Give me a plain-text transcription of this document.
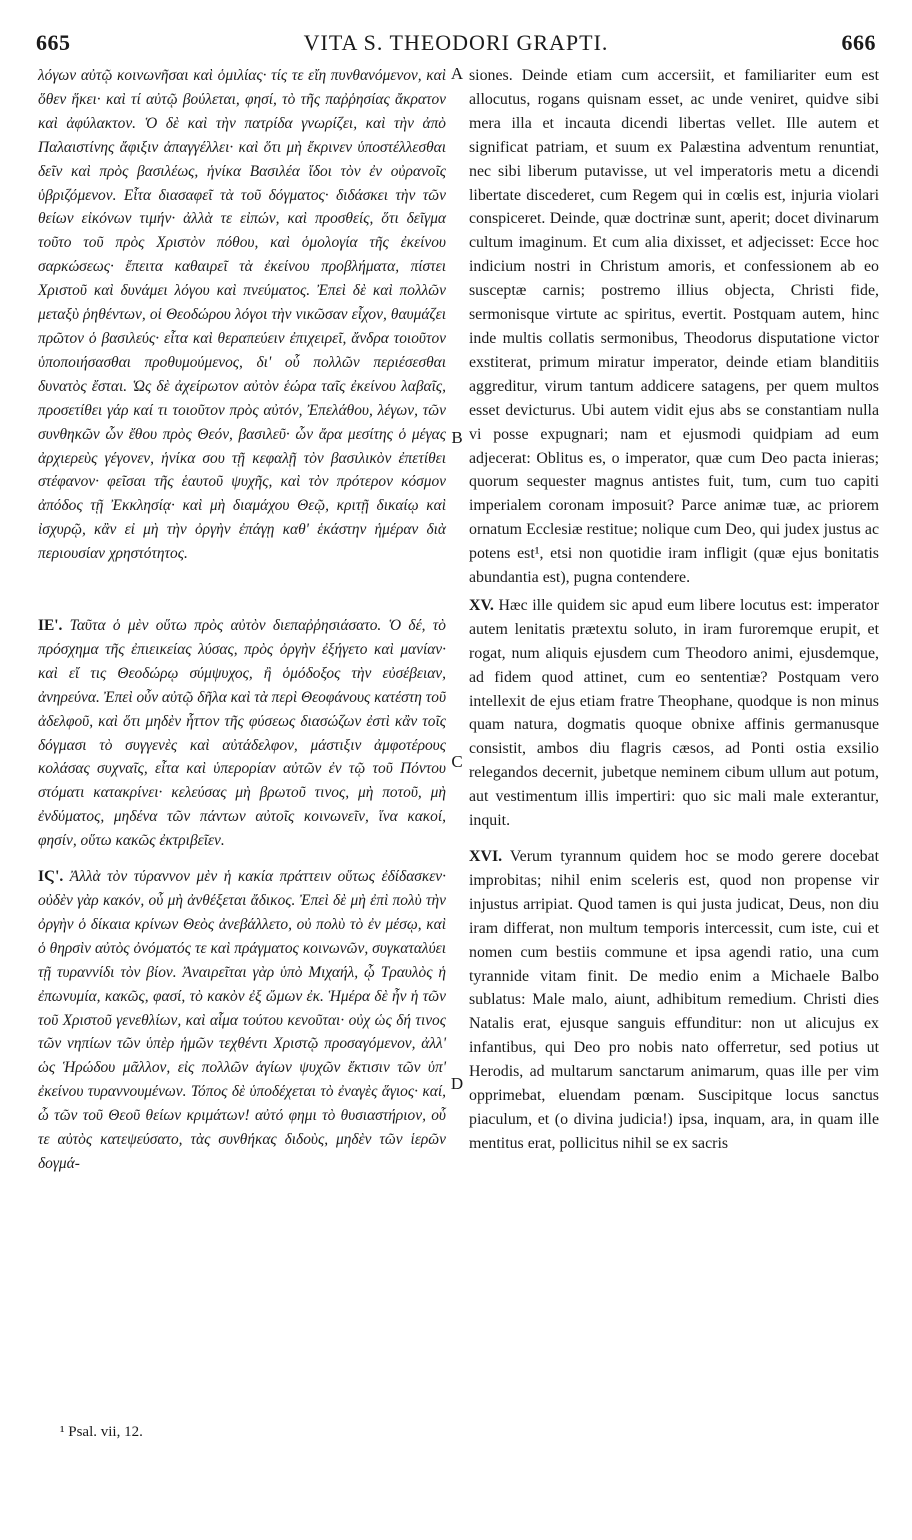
665	VITA S. THEODORI GRAPTI.	666

λόγων αὐτῷ κοινωνῆσαι καὶ ὁμιλίας· τίς τε εἴη πυνθανόμενον, καὶ ὅθεν ἥκει· καὶ τί αὐτῷ βούλεται, φησί, τὸ τῆς παῤῥησίας ἄκρατον καὶ ἀφύλακτον. Ὁ δὲ καὶ τὴν πατρίδα γνωρίζει, καὶ τὴν ἀπὸ Παλαιστίνης ἄφιξιν ἀπαγγέλλει· καὶ ὅτι μὴ ἔκρινεν ὑποστέλλεσθαι δεῖν καὶ πρὸς βασιλέως, ἡνίκα Βασιλέα ἴδοι τὸν ἐν οὐρανοῖς ὑβριζόμενον. Εἶτα διασαφεῖ τὰ τοῦ δόγματος· διδάσκει τὴν τῶν θείων εἰκόνων τιμήν· ἀλλὰ τε εἰπών, καὶ προσθείς, ὅτι δεῖγμα τοῦτο τοῦ πρὸς Χριστὸν πόθου, καὶ ὁμολογία τῆς ἐκείνου σαρκώσεως· ἔπειτα καθαιρεῖ τὰ ἐκείνου προβλήματα, πίστει Χριστοῦ καὶ δυνάμει λόγου καὶ πνεύματος. Ἐπεὶ δὲ καὶ πολλῶν μεταξὺ ῥηθέντων, οἱ Θεοδώρου λόγοι τὴν νικῶσαν εἶχον, θαυμάζει πρῶτον ὁ βασιλεύς· εἶτα καὶ θεραπεύειν ἐπιχειρεῖ, ἄνδρα τοιοῦτον ὑποποιήσασθαι προθυμούμενος, δι' οὗ πολλῶν περιέσεσθαι δυνατὸς ἔσται. Ὡς δὲ ἀχείρωτον αὐτὸν ἑώρα ταῖς ἐκείνου λαβαῖς, προσετίθει γάρ καί τι τοιοῦτον πρὸς αὐτόν, Ἐπελάθου, λέγων, τῶν συνθηκῶν ὧν ἔθου πρὸς Θεόν, βασιλεῦ· ὧν ἄρα μεσίτης ὁ μέγας ἀρχιερεὺς γέγονεν, ἡνίκα σου τῇ κεφαλῇ τὸν βασιλικὸν ἐπετίθει στέφανον· φεῖσαι τῆς ἑαυτοῦ ψυχῆς, καὶ τὸν πρότερον κόσμον ἀπόδος τῇ Ἐκκλησίᾳ· καὶ μὴ διαμάχου Θεῷ, κριτῇ δικαίῳ καὶ ἰσχυρῷ, κἂν εἰ μὴ τὴν ὀργὴν ἐπάγῃ καθ' ἑκάστην ἡμέραν διὰ περιουσίαν χρηστότητος.

ΙΕ'. Ταῦτα ὁ μὲν οὕτω πρὸς αὐτὸν διεπαῤῥησιάσατο. Ὁ δέ, τὸ πρόσχημα τῆς ἐπιεικείας λύσας, πρὸς ὀργὴν ἐξήγετο καὶ μανίαν· καὶ εἴ τις Θεοδώρῳ σύμψυχος, ἢ ὁμόδοξος τὴν εὐσέβειαν, ἀνηρεύνα. Ἐπεὶ οὖν αὐτῷ δῆλα καὶ τὰ περὶ Θεοφάνους κατέστη τοῦ ἀδελφοῦ, καὶ ὅτι μηδὲν ἧττον τῆς φύσεως διασώζων ἐστὶ κἂν τοῖς δόγμασι τὸ συγγενὲς καὶ αὐτάδελφον, μάστιξιν ἀμφοτέρους κολάσας συχναῖς, εἶτα καὶ ὑπερορίαν αὐτῶν ἐν τῷ τοῦ Πόντου στόματι κατακρίνει· κελεύσας μὴ βρωτοῦ τινος, μὴ ποτοῦ, μὴ ἐνδύματος, μηδένα τῶν πάντων αὐτοῖς κοινωνεῖν, ἵνα κακοί, φησίν, οὕτω κακῶς ἐκτριβεῖεν.

ΙϚ'. Ἀλλὰ τὸν τύραννον μὲν ἡ κακία πράττειν οὕτως ἐδίδασκεν· οὐδὲν γὰρ κακόν, οὗ μὴ ἀνθέξεται ἄδικος. Ἐπεὶ δὲ μὴ ἐπὶ πολὺ τὴν ὀργὴν ὁ δίκαια κρίνων Θεὸς ἀνεβάλλετο, οὐ πολὺ τὸ ἐν μέσῳ, καὶ ὁ θηρσὶν αὐτὸς ὀνόματός τε καὶ πράγματος κοινωνῶν, συγκαταλύει τῇ τυραννίδι τὸν βίον. Ἀναιρεῖται γὰρ ὑπὸ Μιχαήλ, ᾧ Τραυλὸς ἡ ἐπωνυμία, κακῶς, φασί, τὸ κακὸν ἐξ ὤμων ἐκ. Ἡμέρα δὲ ἦν ἡ τῶν τοῦ Χριστοῦ γενεθλίων, καὶ αἷμα τούτου κενοῦται· οὐχ ὡς δή τινος τῶν νηπίων τῶν ὑπὲρ ἡμῶν τεχθέντι Χριστῷ προσαγόμενον, ἀλλ' ὡς Ἡρώδου μᾶλλον, εἰς πολλῶν ἁγίων ψυχῶν ἔκτισιν τῶν ὑπ' ἐκείνου τυραννουμένων. Τόπος δὲ ὑποδέχεται τὸ ἐναγὲς ἅγιος· καί, ὦ τῶν τοῦ Θεοῦ θείων κριμάτων! αὐτό φημι τὸ θυσιαστήριον, οὗ τε αὐτὸς κατεψεύσατο, τὰς συνθήκας διδοὺς, μηδὲν τῶν ἱερῶν δογμά-

A
B
C
D

siones. Deinde etiam cum accersiit, et familiariter eum est allocutus, rogans quisnam esset, ac unde veniret, quidve sibi mera illa et incauta dicendi libertas vellet. Ille autem et significat patriam, et suum ex Palæstina adventum renuntiat, nec sibi liberum putavisse, ut vel imperatoris metu a dicendi libertate discederet, cum Regem qui in cœlis est, injuria violari conspiceret. Deinde, quæ doctrinæ sunt, aperit; docet divinarum cultum imaginum. Et cum alia dixisset, et adjecisset: Ecce hoc indicium nostri in Christum amoris, et confessionem ab eo susceptæ carnis; postremo illius objecta, Christi fide, sermonisque virtute ac spiritus, evertit. Postquam autem, hinc inde multis collatis sermonibus, Theodorus disputatione victor exstiterat, primum miratur imperator, deinde etiam blanditiis aggreditur, virum tantum addicere satagens, per quem multos esset devicturus. Ubi autem vidit ejus abs se constantiam nulla vi posse expugnari; nam et ejusmodi quidpiam ad eum adjecerat: Oblitus es, o imperator, quæ cum Deo pacta inieras; quorum sequester magnus antistes fuit, tum, cum tuo capiti imperialem coronam imposuit? Parce animæ tuæ, ac priorem ornatum Ecclesiæ restitue; nolique cum Deo, qui judex justus ac potens est¹, etsi non quotidie iram infligit (quæ ejus bonitatis abundantia est), pugna contendere.

XV. Hæc ille quidem sic apud eum libere locutus est: imperator autem lenitatis prætextu soluto, in iram furoremque erupit, et rogat, num aliquis ejusdem cum Theodoro animi, ejusdemque, ad fidem quod attinet, cum eo sententiæ? Postquam vero intellexit de ejus etiam fratre Theophane, quodque is non minus quam natura, dogmatis quoque obnixe affinis germanusque consistit, ambos diu flagris cæsos, ad Ponti ostia exsilio relegandos decernit, jubetque neminem cibum ullum aut potum, aut vestimentum illis impertiri: quo sic mali male exterantur, inquit.

XVI. Verum tyrannum quidem hoc se modo gerere docebat improbitas; nihil enim sceleris est, quod non propense vir injustus arripiat. Quod tamen is qui justa judicat, Deus, non diu iram differat, non multum temporis intercessit, cum iste, cui et nomen cum bestiis commune et ipsa agendi ratio, una cum tyrannide vitam finit. De medio enim a Michaele Balbo sublatus: Male malo, aiunt, adhibitum remedium. Christi dies Natalis erat, ejusque sanguis effunditur: non ut alicujus ex infantibus, qui Deo pro nobis nato offerretur, sed potius ut Herodis, ad multarum sanctarum animarum, quas ille per vim opprimebat, eluendam pœnam. Suscipitque locus sanctus piaculum, et (o divina judicia!) ipsa, inquam, ara, in quam ille mentitus erat, pollicitus nihil se ex sacris

¹ Psal. vii, 12.
